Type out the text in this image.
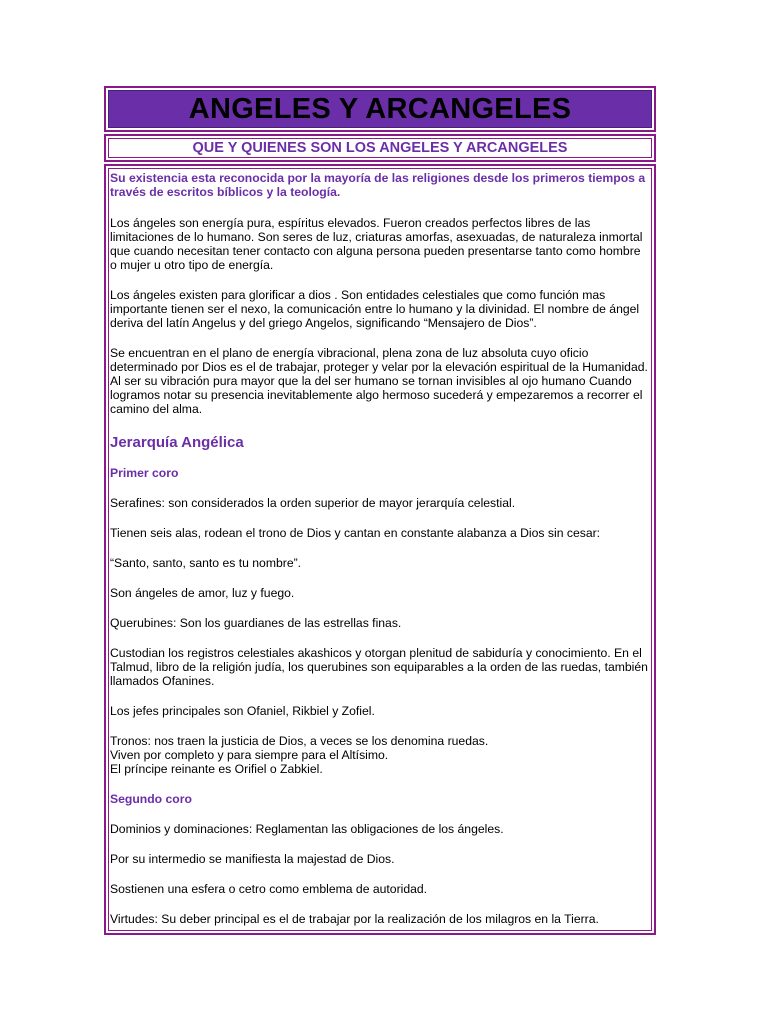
ANGELES Y ARCANGELES
QUE Y QUIENES SON LOS ANGELES Y ARCANGELES

Su existencia esta reconocida por la mayoría de las religiones desde los primeros tiempos a través de escritos bíblicos y la teología.

Los ángeles son energía pura, espíritus elevados. Fueron creados perfectos libres de las limitaciones de lo humano. Son seres de luz, criaturas amorfas, asexuadas, de naturaleza inmortal que cuando necesitan tener contacto con alguna persona pueden presentarse tanto como hombre o mujer u otro tipo de energía.

Los ángeles existen para glorificar a dios . Son entidades celestiales que como función mas importante tienen ser el nexo, la comunicación entre lo humano y la divinidad. El nombre de ángel deriva del latín Angelus y del griego Angelos, significando “Mensajero de Dios”.

Se encuentran en el plano de energía vibracional, plena zona de luz absoluta cuyo oficio determinado por Dios es el de trabajar, proteger y velar por la elevación espiritual de la Humanidad. Al ser su vibración pura mayor que la del ser humano se tornan invisibles al ojo humano Cuando logramos notar su presencia inevitablemente algo hermoso sucederá y empezaremos a recorrer el camino del alma.

Jerarquía Angélica

Primer coro

Serafines: son considerados la orden superior de mayor jerarquía celestial.

Tienen seis alas, rodean el trono de Dios y cantan en constante alabanza a Dios sin cesar:

“Santo, santo, santo es tu nombre”.

Son ángeles de amor, luz y fuego.

Querubines: Son los guardianes de las estrellas finas.

Custodian los registros celestiales akashicos y otorgan plenitud de sabiduría y conocimiento. En el Talmud, libro de la religión judía, los querubines son equiparables a la orden de las ruedas, también llamados Ofanines.

Los jefes principales son Ofaniel, Rikbiel y Zofiel.

Tronos: nos traen la justicia de Dios, a veces se los denomina ruedas.

Viven por completo y para siempre para el Altísimo.

El príncipe reinante es Orifiel o Zabkiel.

Segundo coro

Dominios y dominaciones: Reglamentan las obligaciones de los ángeles.

Por su intermedio se manifiesta la majestad de Dios.

Sostienen una esfera o cetro como emblema de autoridad.

Virtudes: Su deber principal es el de trabajar por la realización de los milagros en la Tierra.
